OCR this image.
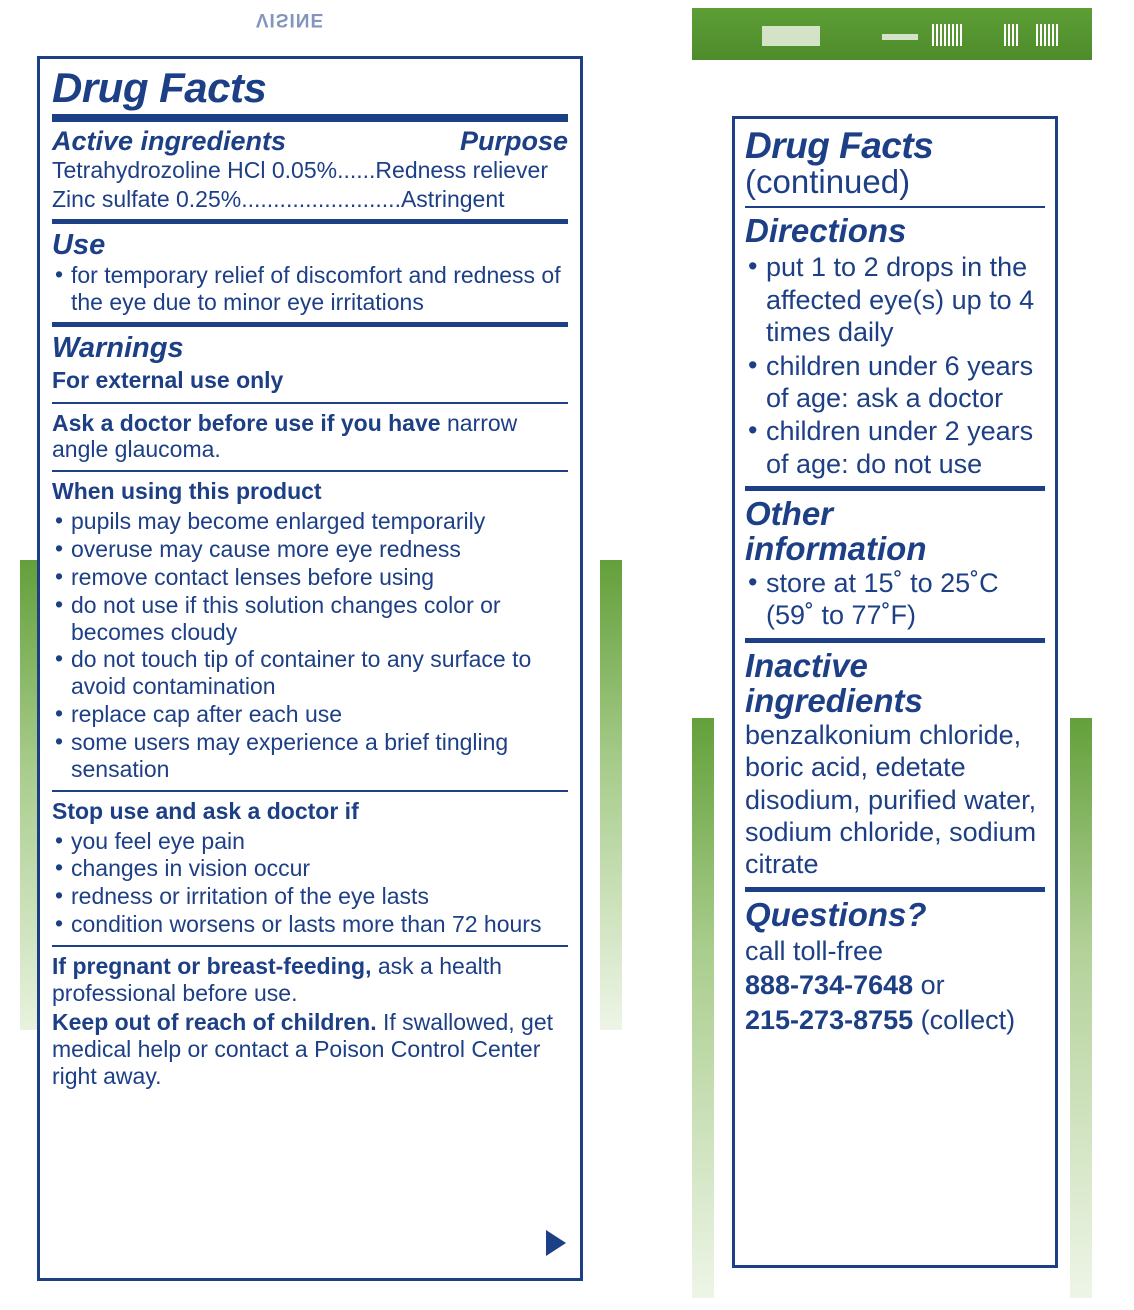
VISINE
Drug Facts
Active ingredients	Purpose
Tetrahydrozoline HCl 0.05%......Redness reliever
Zinc sulfate 0.25%.........................Astringent
Use
• for temporary relief of discomfort and redness of the eye due to minor eye irritations
Warnings
For external use only
Ask a doctor before use if you have narrow angle glaucoma.
When using this product
• pupils may become enlarged temporarily
• overuse may cause more eye redness
• remove contact lenses before using
• do not use if this solution changes color or becomes cloudy
• do not touch tip of container to any surface to avoid contamination
• replace cap after each use
• some users may experience a brief tingling sensation
Stop use and ask a doctor if
• you feel eye pain
• changes in vision occur
• redness or irritation of the eye lasts
• condition worsens or lasts more than 72 hours
If pregnant or breast-feeding, ask a health professional before use.
Keep out of reach of children. If swallowed, get medical help or contact a Poison Control Center right away.
Drug Facts
(continued)
Directions
• put 1 to 2 drops in the affected eye(s) up to 4 times daily
• children under 6 years of age: ask a doctor
• children under 2 years of age: do not use
Other
information
• store at 15˚ to 25˚C (59˚ to 77˚F)
Inactive
ingredients
benzalkonium chloride, boric acid, edetate disodium, purified water, sodium chloride, sodium citrate
Questions?
call toll-free
888-734-7648 or
215-273-8755 (collect)
